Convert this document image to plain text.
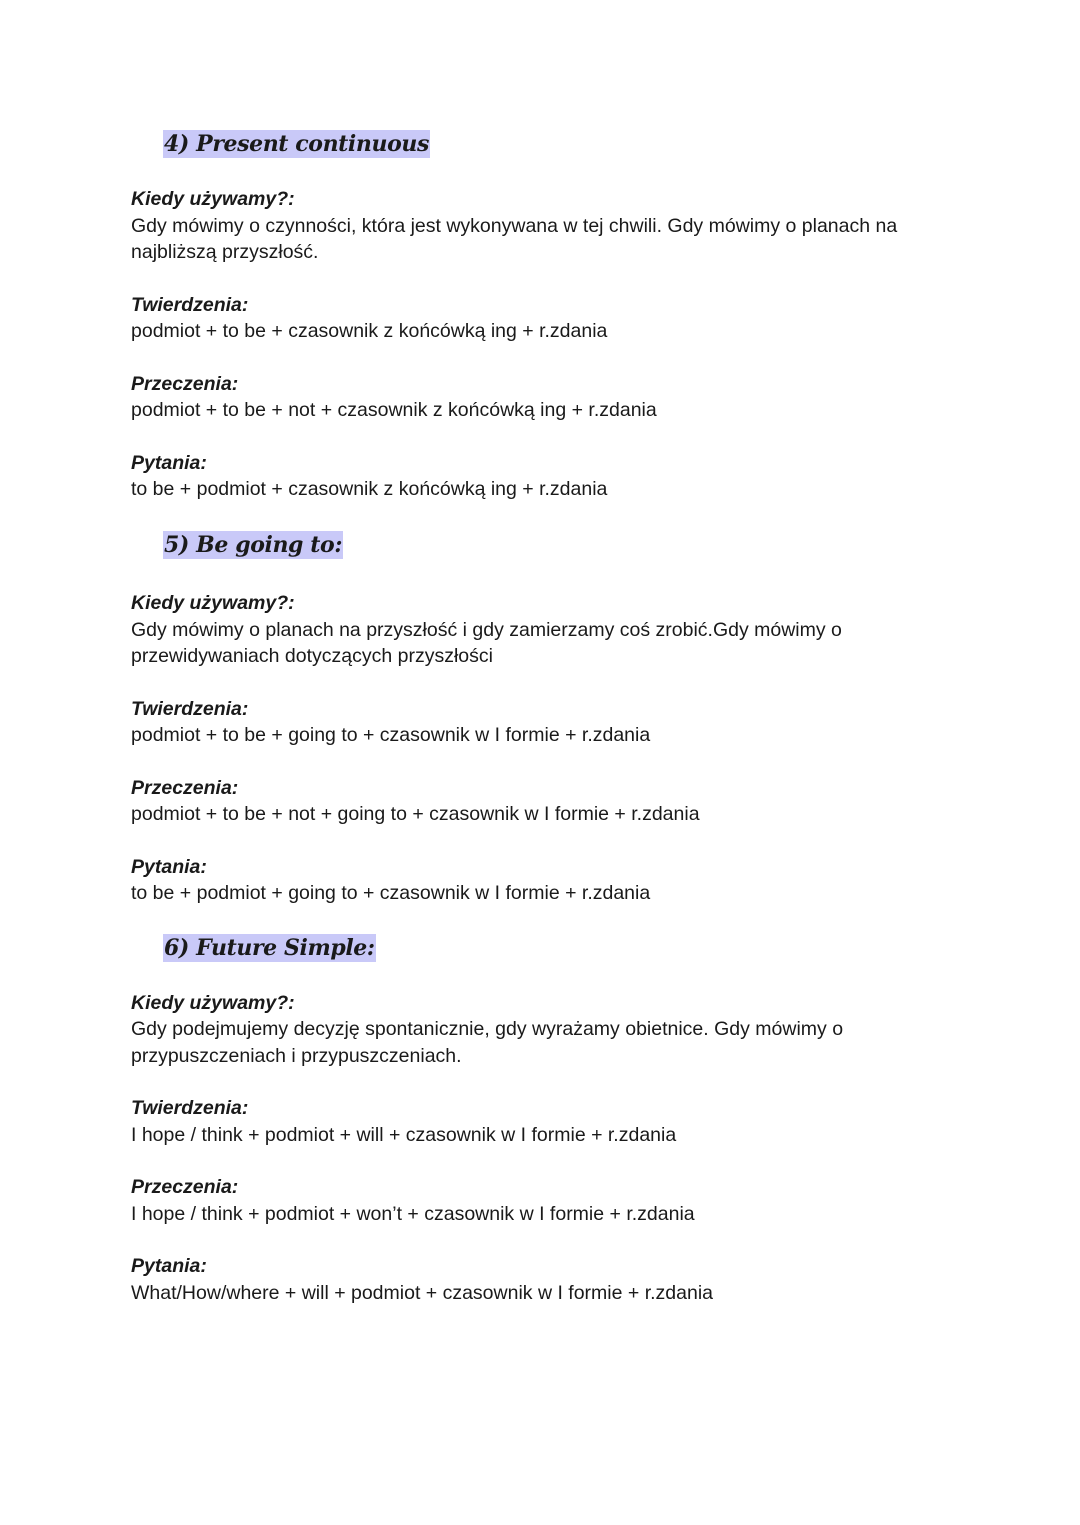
4) Present continuous

Kiedy używamy?:

Gdy mówimy o czynności, która jest wykonywana w tej chwili. Gdy mówimy o planach na

najbliższą przyszłość.

Twierdzenia:

podmiot + to be + czasownik z końcówką ing + r.zdania

Przeczenia:

podmiot + to be + not + czasownik z końcówką ing + r.zdania

Pytania:

to be + podmiot + czasownik z końcówką ing + r.zdania

5) Be going to:

Kiedy używamy?:

Gdy mówimy o planach na przyszłość i gdy zamierzamy coś zrobić.Gdy mówimy o

przewidywaniach dotyczących przyszłości

Twierdzenia:

podmiot + to be + going to + czasownik w I formie + r.zdania

Przeczenia:

podmiot + to be + not + going to + czasownik w I formie + r.zdania

Pytania:

to be + podmiot + going to + czasownik w I formie + r.zdania

6) Future Simple:

Kiedy używamy?:

Gdy podejmujemy decyzję spontanicznie, gdy wyrażamy obietnice. Gdy mówimy o

przypuszczeniach i przypuszczeniach.

Twierdzenia:

I hope / think + podmiot + will + czasownik w I formie + r.zdania

Przeczenia:

I hope / think + podmiot + won’t + czasownik w I formie + r.zdania

Pytania:

What/How/where + will + podmiot + czasownik w I formie + r.zdania
